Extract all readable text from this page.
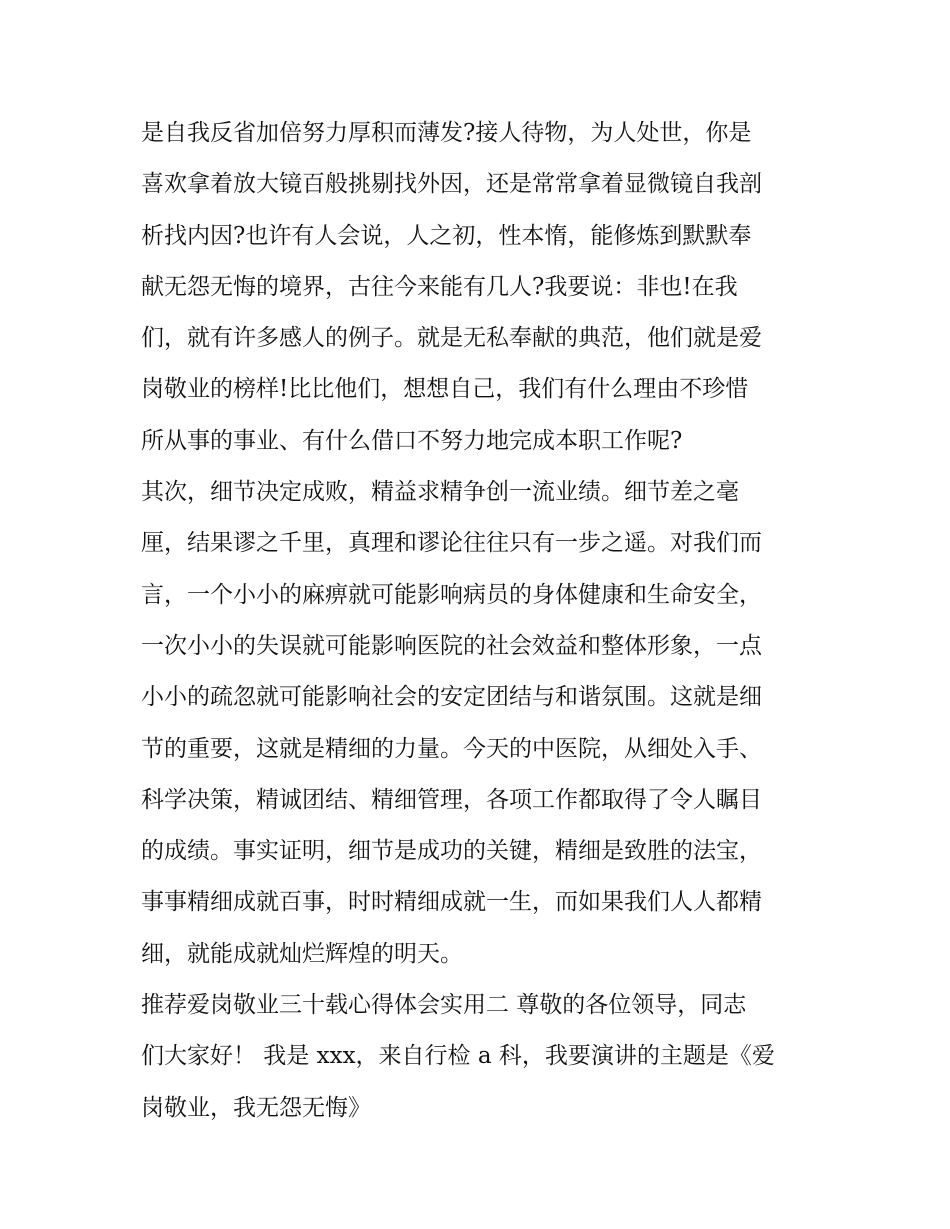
是自我反省加倍努力厚积而薄发?接人待物，为人处世，你是
喜欢拿着放大镜百般挑剔找外因，还是常常拿着显微镜自我剖
析找内因?也许有人会说，人之初，性本惰，能修炼到默默奉
献无怨无悔的境界，古往今来能有几人?我要说：非也!在我
们，就有许多感人的例子。就是无私奉献的典范，他们就是爱
岗敬业的榜样!比比他们，想想自己，我们有什么理由不珍惜
所从事的事业、有什么借口不努力地完成本职工作呢?
其次，细节决定成败，精益求精争创一流业绩。细节差之毫
厘，结果谬之千里，真理和谬论往往只有一步之遥。对我们而
言，一个小小的麻痹就可能影响病员的身体健康和生命安全，
一次小小的失误就可能影响医院的社会效益和整体形象，一点
小小的疏忽就可能影响社会的安定团结与和谐氛围。这就是细
节的重要，这就是精细的力量。今天的中医院，从细处入手、
科学决策，精诚团结、精细管理，各项工作都取得了令人瞩目
的成绩。事实证明，细节是成功的关键，精细是致胜的法宝，
事事精细成就百事，时时精细成就一生，而如果我们人人都精
细，就能成就灿烂辉煌的明天。
推荐爱岗敬业三十载心得体会实用二 尊敬的各位领导，同志
们大家好！ 我是 xxx，来自行检 a 科，我要演讲的主题是《爱
岗敬业，我无怨无悔》
